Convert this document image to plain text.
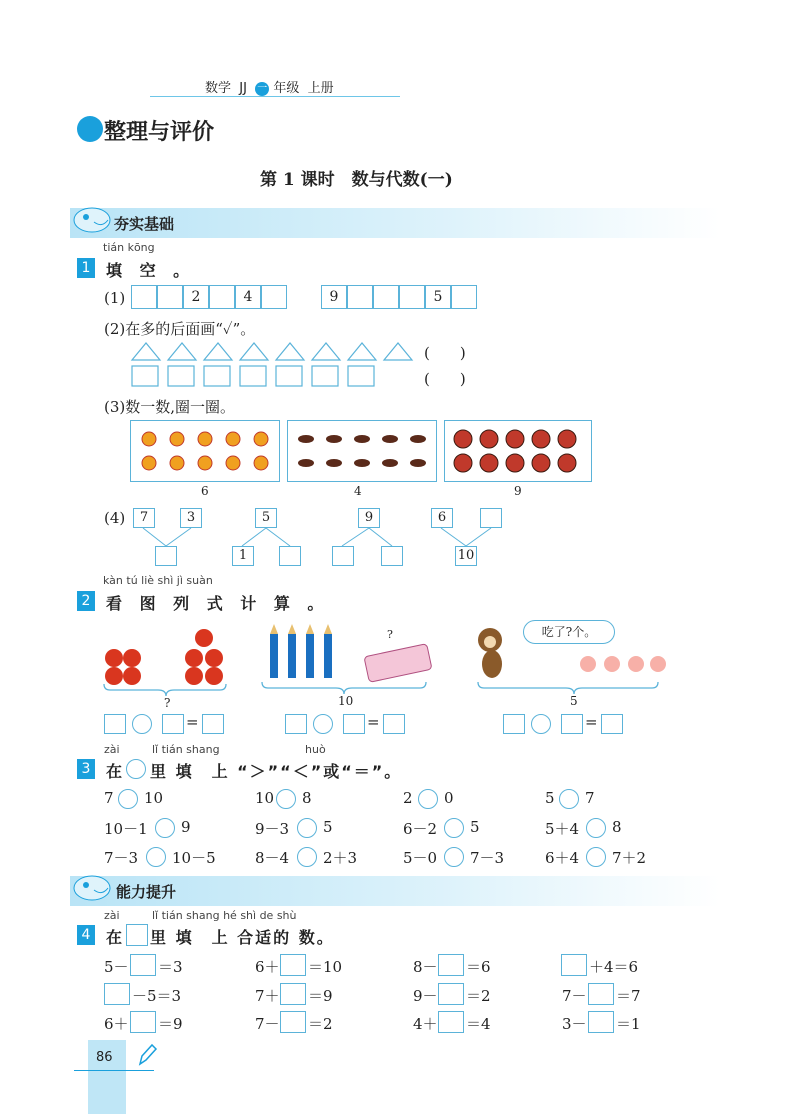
数学 JJ 一 年级 上册
整理与评价
第 1 课时　数与代数(一)
夯实基础
tián kōng
1 填 空 。
(1)	2	4	9	5
(2)在多的后面画“✓”。
(　　)
(　　)
(3)数一数,圈一圈。
6	4	9
(4)	7	3	5
1
9	6
10
kàn tú liè shì jì suàn
2 看 图 列 式 计 算 。
?	吃了?个。
?	10	5
=	=	=
zài	lǐ tián shang	huò
3 在 里 填　上 “＞”“＜”或“＝”。
7 10	10 8	2 0	5 7
10－1 9	9－3 5	6－2 5	5＋4 8
7－3 10－5	8－4 2＋3	5－0 7－3	6＋4 7＋2
能力提升
zài	lǐ tián shang hé shì de shù
4 在 里 填　上 合适的 数。
5－ ＝3	6＋ ＝10	8－ ＝6	＋4＝6
－5＝3	7＋ ＝9	9－ ＝2	7－ ＝7
6＋ ＝9	7－ ＝2	4＋ ＝4	3－ ＝1
86
